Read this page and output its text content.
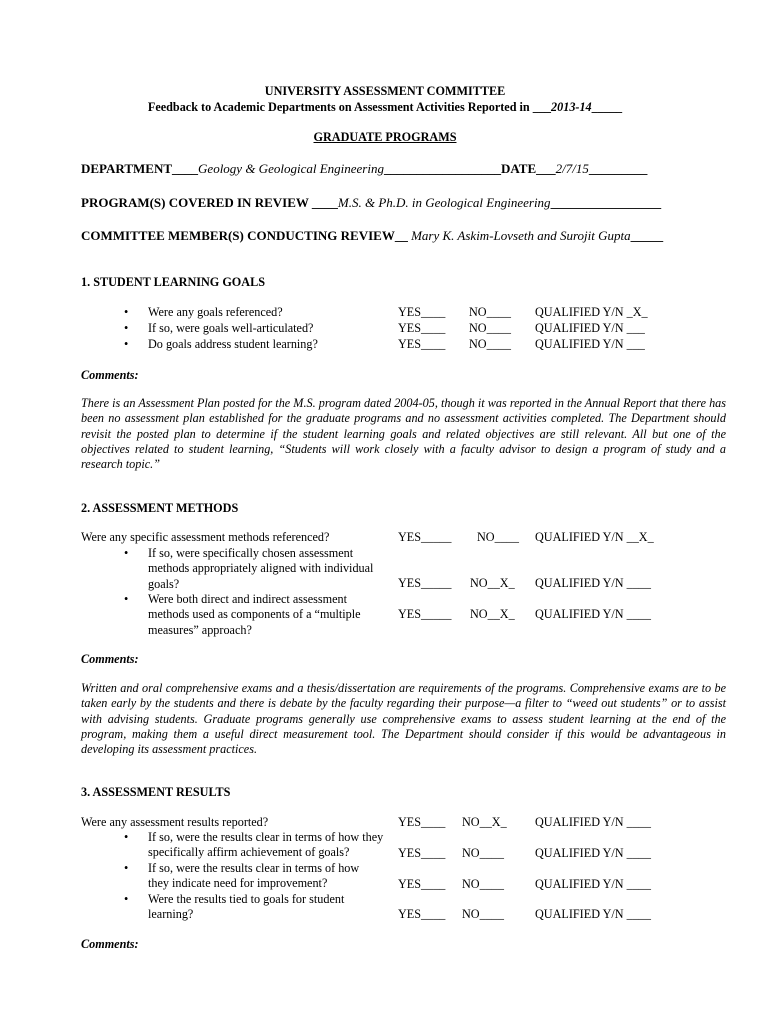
UNIVERSITY ASSESSMENT COMMITTEE
Feedback to Academic Departments on Assessment Activities Reported in ___2013-14_____
GRADUATE PROGRAMS
DEPARTMENT____Geology & Geological Engineering__________________DATE___2/7/15_________
PROGRAM(S) COVERED IN REVIEW ____M.S. & Ph.D. in Geological Engineering_________________
COMMITTEE MEMBER(S) CONDUCTING REVIEW__ Mary K. Askim-Lovseth and Surojit Gupta_____
1. STUDENT LEARNING GOALS
• Were any goals referenced?	YES____ NO____ QUALIFIED Y/N _X_
• If so, were goals well-articulated?	YES____ NO____ QUALIFIED Y/N ___
• Do goals address student learning?	YES____ NO____ QUALIFIED Y/N ___
Comments:
There is an Assessment Plan posted for the M.S. program dated 2004-05, though it was reported in the Annual Report that there has been no assessment plan established for the graduate programs and no assessment activities completed. The Department should revisit the posted plan to determine if the student learning goals and related objectives are still relevant. All but one of the objectives related to student learning, “Students will work closely with a faculty advisor to design a program of study and a research topic.”
2. ASSESSMENT METHODS
Were any specific assessment methods referenced?	YES_____ NO____ QUALIFIED Y/N __X_
• If so, were specifically chosen assessment methods appropriately aligned with individual goals?	YES_____ NO__X_ QUALIFIED Y/N ____
• Were both direct and indirect assessment methods used as components of a “multiple measures” approach?
YES_____ NO__X_ QUALIFIED Y/N ____
Comments:
Written and oral comprehensive exams and a thesis/dissertation are requirements of the programs. Comprehensive exams are to be taken early by the students and there is debate by the faculty regarding their purpose—a filter to “weed out students” or to assist with advising students. Graduate programs generally use comprehensive exams to assess student learning at the end of the program, making them a useful direct measurement tool. The Department should consider if this would be advantageous in developing its assessment practices.
3. ASSESSMENT RESULTS
Were any assessment results reported?	YES____ NO__X_ QUALIFIED Y/N ____
• If so, were the results clear in terms of how they specifically affirm achievement of goals?	YES____ NO____	QUALIFIED Y/N ____
• If so, were the results clear in terms of how they indicate need for improvement?	YES____ NO____	QUALIFIED Y/N ____
• Were the results tied to goals for student learning?	YES____ NO____	QUALIFIED Y/N ____
Comments:
